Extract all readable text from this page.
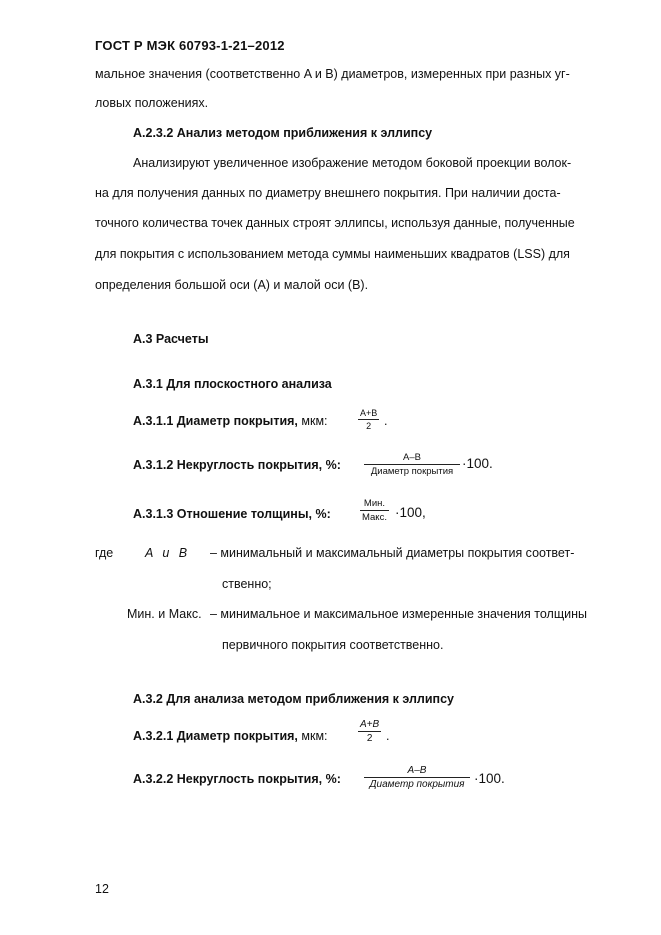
ГОСТ Р МЭК 60793-1-21–2012
мальное значения (соответственно A и B) диаметров, измеренных при разных уг-
ловых положениях.
А.2.3.2 Анализ методом приближения к эллипсу
Анализируют увеличенное изображение методом боковой проекции волок-
на для получения данных по диаметру внешнего покрытия. При наличии доста-
точного количества точек данных строят эллипсы, используя данные, полученные
для покрытия с использованием метода суммы наименьших квадратов (LSS) для
определения большой оси (A) и малой оси (B).
А.3 Расчеты
А.3.1 Для плоскостного анализа
А.3.1.1 Диаметр покрытия, мкм:	$\frac{A+B}{2}$ .
А.3.1.2 Некруглость покрытия, %:
A–B
Диаметр покрытия
·100.
А.3.1.3 Отношение толщины, %:
Мин.
Макс. ·100,
где	A и B – минимальный и максимальный диаметры покрытия соответ-
ственно;
Мин. и Макс. – минимальное и максимальное измеренные значения толщины
первичного покрытия соответственно.
А.3.2 Для анализа методом приближения к эллипсу
А.3.2.1 Диаметр покрытия, мкм:	$\frac{A+B}{2}$ .
А.3.2.2 Некруглость покрытия, %:
A–B
Диаметр покрытия ·100.
12
